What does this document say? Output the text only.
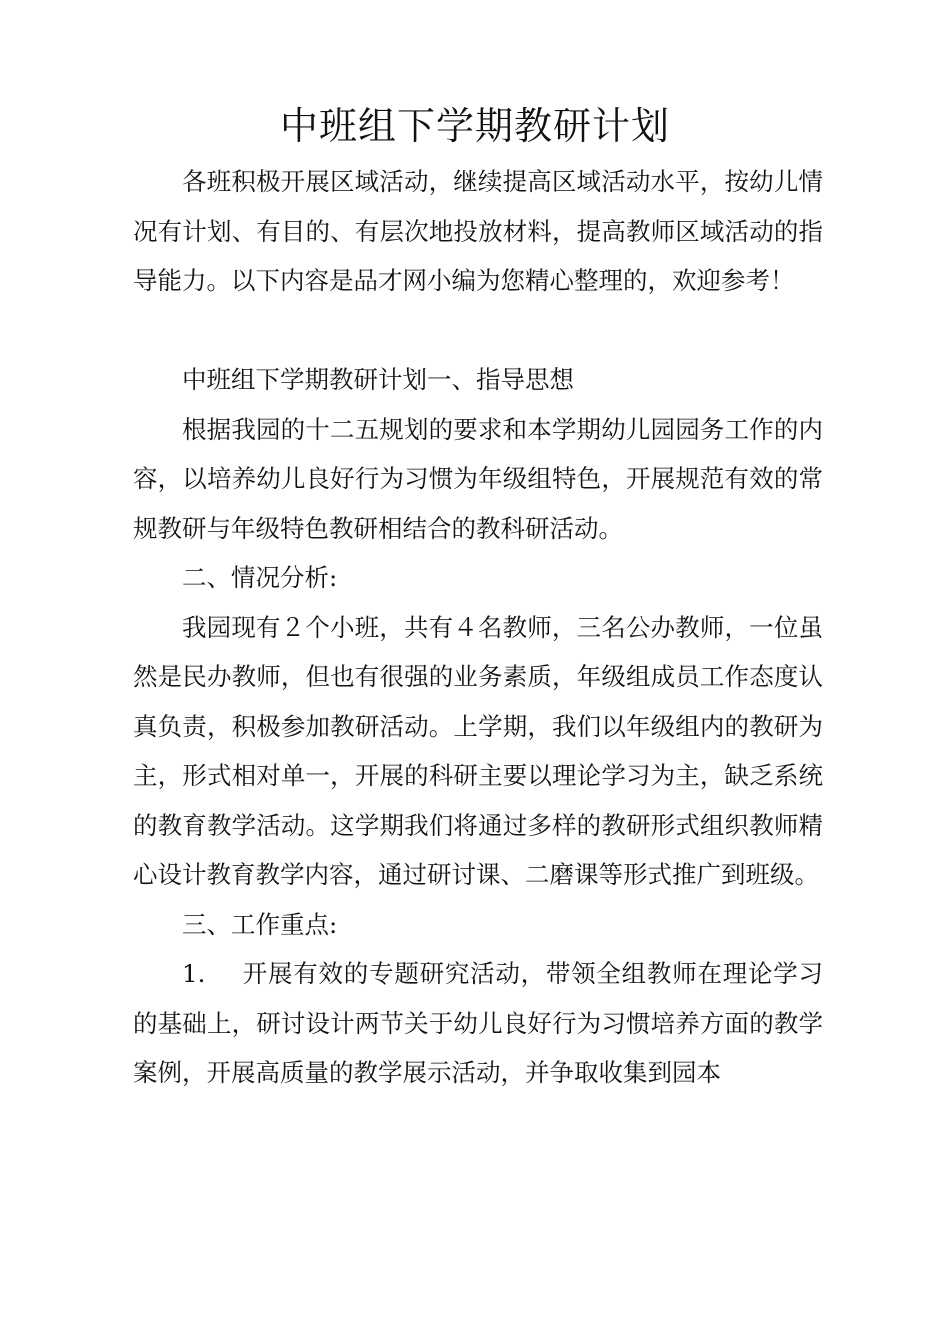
中班组下学期教研计划

各班积极开展区域活动，继续提高区域活动水平，按幼儿情况有计划、有目的、有层次地投放材料，提高教师区域活动的指导能力。以下内容是品才网小编为您精心整理的，欢迎参考！

中班组下学期教研计划一、指导思想

根据我园的十二五规划的要求和本学期幼儿园园务工作的内容，以培养幼儿良好行为习惯为年级组特色，开展规范有效的常规教研与年级特色教研相结合的教科研活动。

二、情况分析:

我园现有２个小班，共有４名教师，三名公办教师，一位虽然是民办教师，但也有很强的业务素质，年级组成员工作态度认真负责，积极参加教研活动。上学期，我们以年级组内的教研为主，形式相对单一，开展的科研主要以理论学习为主，缺乏系统的教育教学活动。这学期我们将通过多样的教研形式组织教师精心设计教育教学内容，通过研讨课、二磨课等形式推广到班级。

三、工作重点:

1. 开展有效的专题研究活动，带领全组教师在理论学习的基础上，研讨设计两节关于幼儿良好行为习惯培养方面的教学案例，开展高质量的教学展示活动，并争取收集到园本
